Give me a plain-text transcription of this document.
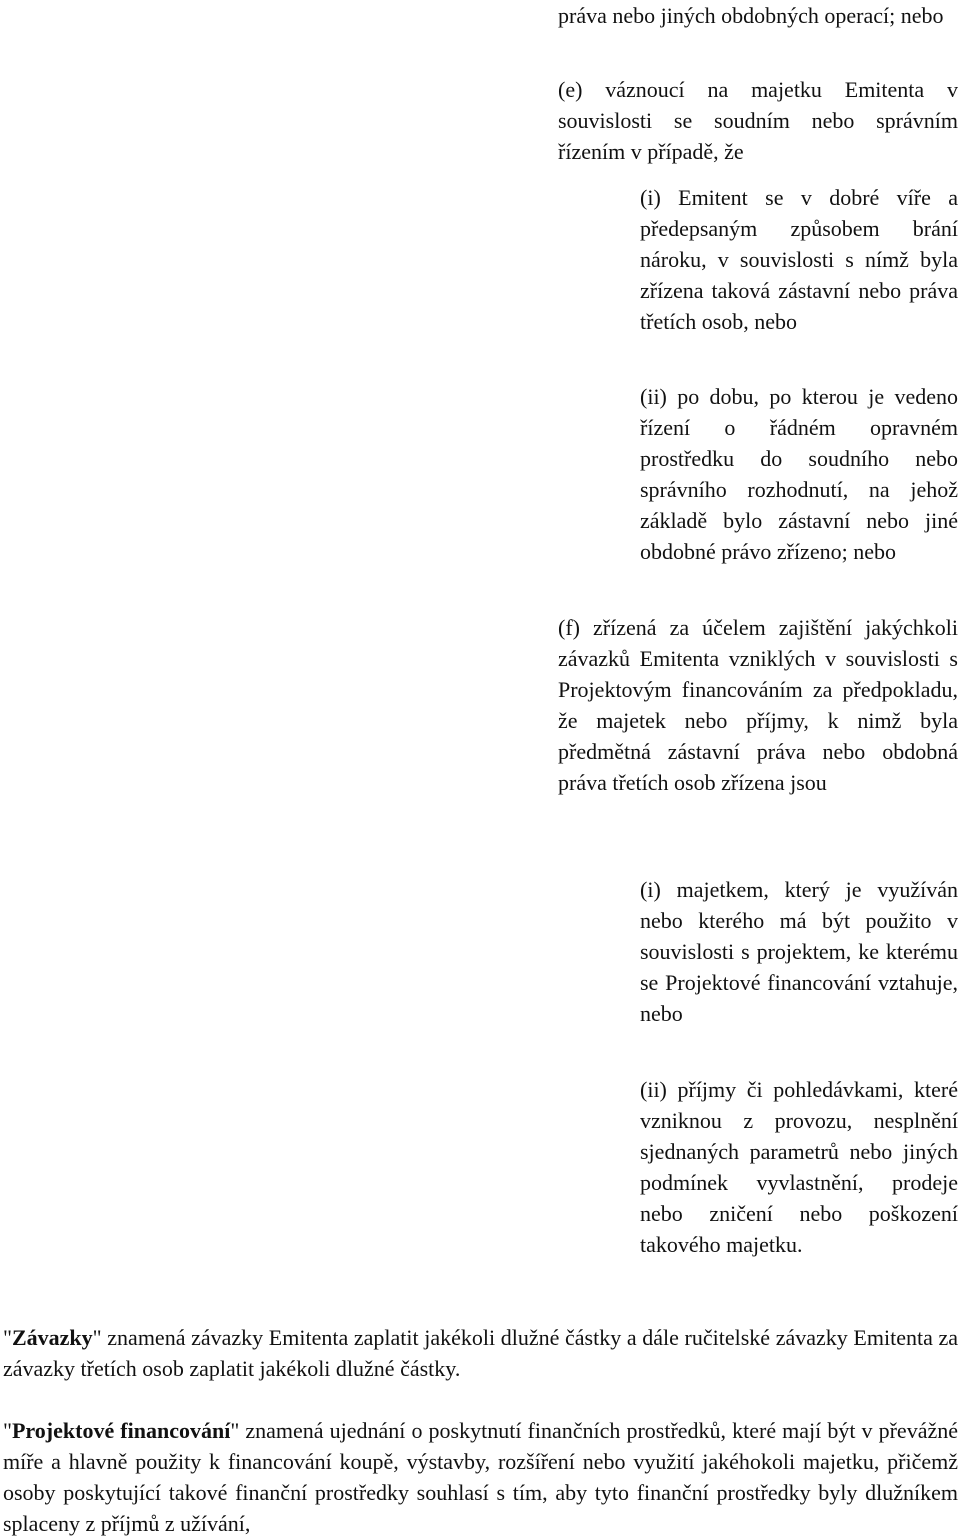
práva nebo jiných obdobných operací; nebo

(e) váznoucí na majetku Emitenta v souvislosti se soudním nebo správním řízením v případě, že

(i) Emitent se v dobré víře a předepsaným způsobem brání nároku, v souvislosti s nímž byla zřízena taková zástavní nebo práva třetích osob, nebo

(ii) po dobu, po kterou je vedeno řízení o řádném opravném prostředku do soudního nebo správního rozhodnutí, na jehož základě bylo zástavní nebo jiné obdobné právo zřízeno; nebo

(f) zřízená za účelem zajištění jakýchkoli závazků Emitenta vzniklých v souvislosti s Projektovým financováním za předpokladu, že majetek nebo příjmy, k nimž byla předmětná zástavní práva nebo obdobná práva třetích osob zřízena jsou

(i) majetkem, který je využíván nebo kterého má být použito v souvislosti s projektem, ke kterému se Projektové financování vztahuje, nebo

(ii) příjmy či pohledávkami, které vzniknou z provozu, nesplnění sjednaných parametrů nebo jiných podmínek vyvlastnění, prodeje nebo zničení nebo poškození takového majetku.

"Závazky" znamená závazky Emitenta zaplatit jakékoli dlužné částky a dále ručitelské závazky Emitenta za závazky třetích osob zaplatit jakékoli dlužné částky.

"Projektové financování" znamená ujednání o poskytnutí finančních prostředků, které mají být v převážné míře a hlavně použity k financování koupě, výstavby, rozšíření nebo využití jakéhokoli majetku, přičemž osoby poskytující takové finanční prostředky souhlasí s tím, aby tyto finanční prostředky byly dlužníkem splaceny z příjmů z užívání,
